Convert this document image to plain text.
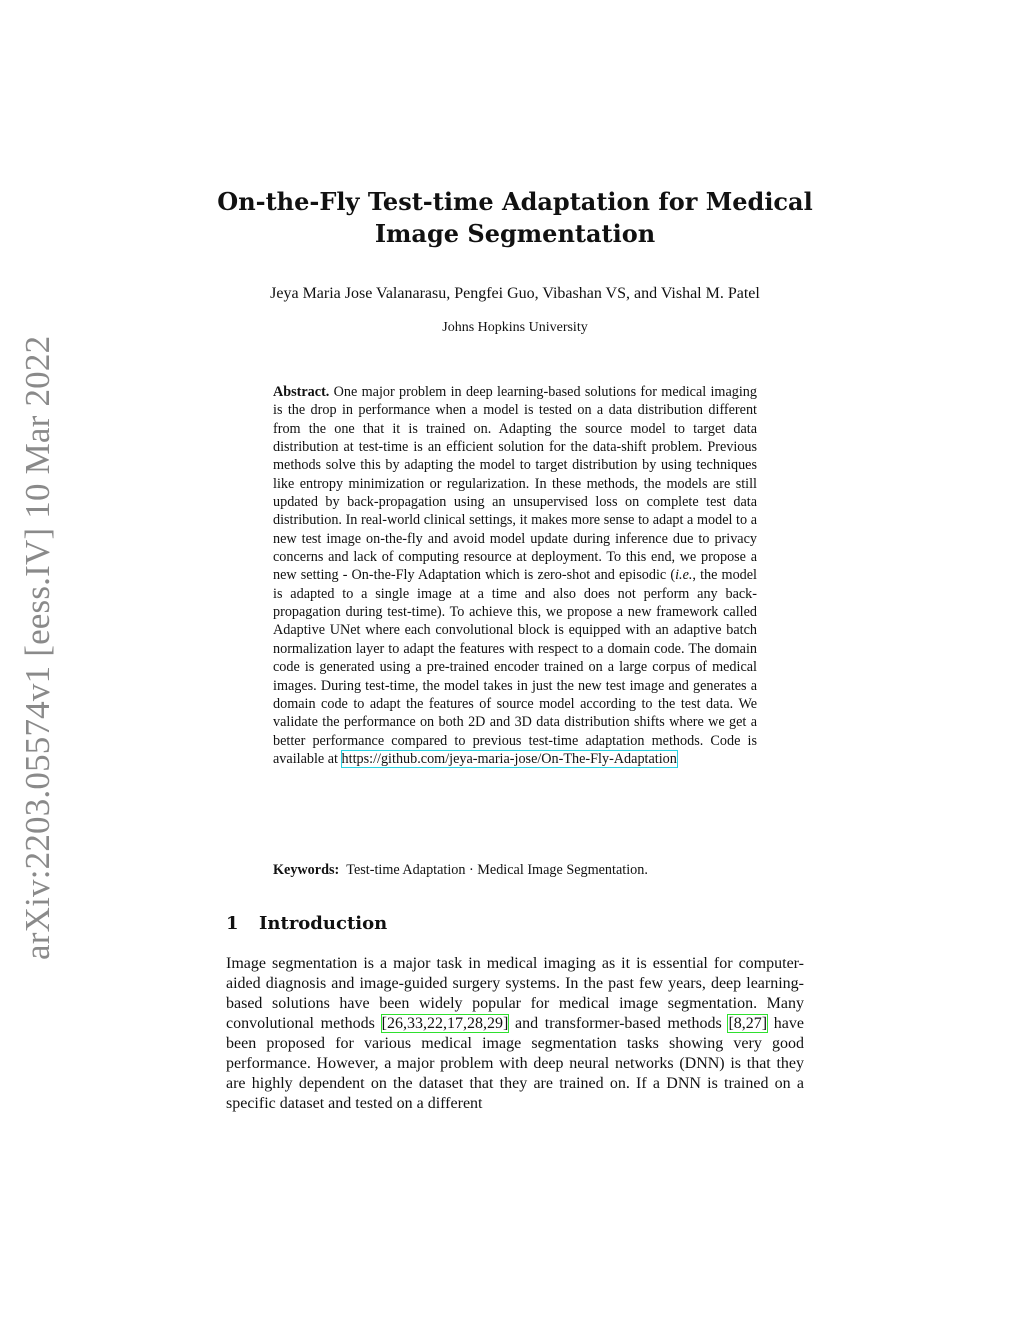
arXiv:2203.05574v1 [eess.IV] 10 Mar 2022
On-the-Fly Test-time Adaptation for Medical
Image Segmentation
Jeya Maria Jose Valanarasu, Pengfei Guo, Vibashan VS, and Vishal M. Patel
Johns Hopkins University
Abstract. One major problem in deep learning-based solutions for medical imaging is the drop in performance when a model is tested on a data distribution different from the one that it is trained on. Adapting the source model to target data distribution at test-time is an efficient solution for the data-shift problem. Previous methods solve this by adapting the model to target distribution by using techniques like entropy minimization or regularization. In these methods, the models are still updated by back-propagation using an unsupervised loss on complete test data distribution. In real-world clinical settings, it makes more sense to adapt a model to a new test image on-the-fly and avoid model update during inference due to privacy concerns and lack of computing resource at deployment. To this end, we propose a new setting - On-the-Fly Adaptation which is zero-shot and episodic (i.e., the model is adapted to a single image at a time and also does not perform any back-propagation during test-time). To achieve this, we propose a new framework called Adaptive UNet where each convolutional block is equipped with an adaptive batch normalization layer to adapt the features with respect to a domain code. The domain code is generated using a pre-trained encoder trained on a large corpus of medical images. During test-time, the model takes in just the new test image and generates a domain code to adapt the features of source model according to the test data. We validate the performance on both 2D and 3D data distribution shifts where we get a better performance compared to previous test-time adaptation methods. Code is available at https://github.com/jeya-maria-jose/On-The-Fly-Adaptation
Keywords: Test-time Adaptation · Medical Image Segmentation.
1 Introduction
Image segmentation is a major task in medical imaging as it is essential for computer-aided diagnosis and image-guided surgery systems. In the past few years, deep learning-based solutions have been widely popular for medical image segmentation. Many convolutional methods [26,33,22,17,28,29] and transformer-based methods [8,27] have been proposed for various medical image segmentation tasks showing very good performance. However, a major problem with deep neural networks (DNN) is that they are highly dependent on the dataset that they are trained on. If a DNN is trained on a specific dataset and tested on a different
